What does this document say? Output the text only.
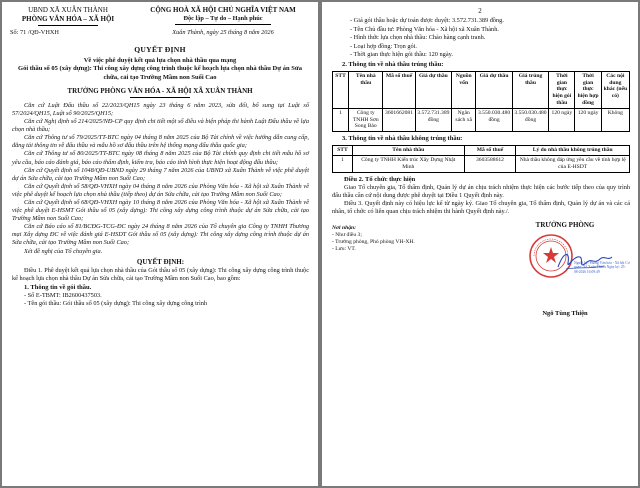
UBND XÃ XUÂN THÀNH
PHÒNG VĂN HÓA – XÃ HỘI
CỘNG HOÀ XÃ HỘI CHỦ NGHĨA VIỆT NAM
Độc lập – Tự do – Hạnh phúc
Số: 71 /QĐ-VHXH	Xuân Thành, ngày 25 tháng 8 năm 2026
QUYẾT ĐỊNH
Về việc phê duyệt kết quả lựa chọn nhà thầu qua mạng
Gói thầu số 05 (xây dựng): Thi công xây dựng công trình thuộc kế hoạch lựa chọn nhà thầu Dự án Sửa chữa, cải tạo Trường Mầm non Suối Cao
TRƯỞNG PHÒNG VĂN HÓA - XÃ HỘI XÃ XUÂN THÀNH

Căn cứ Luật Đấu thầu số 22/2023/QH15 ngày 23 tháng 6 năm 2023, sửa đổi, bổ sung tại Luật số 57/2024/QH15, Luật số 90/2025/QH15;

Căn cứ Nghị định số 214/2025/NĐ-CP quy định chi tiết một số điều và biện pháp thi hành Luật Đấu thầu về lựa chọn nhà thầu;

Căn cứ Thông tư số 79/2025/TT-BTC ngày 04 tháng 8 năm 2025 của Bộ Tài chính về việc hướng dẫn cung cấp, đăng tải thông tin về đấu thầu và mẫu hồ sơ đấu thầu trên hệ thống mạng đấu thầu quốc gia;

Căn cứ Thông tư số 80/2025/TT-BTC ngày 08 tháng 8 năm 2025 của Bộ Tài chính quy định chi tiết mẫu hồ sơ yêu cầu, báo cáo đánh giá, báo cáo thẩm định, kiểm tra, báo cáo tình hình thực hiện hoạt động đấu thầu;

Căn cứ Quyết định số 1048/QĐ-UBND ngày 29 tháng 7 năm 2026 của UBND xã Xuân Thành về việc phê duyệt dự án Sửa chữa, cải tạo Trường Mầm non Suối Cao;

Căn cứ Quyết định số 58/QĐ-VHXH ngày 04 tháng 8 năm 2026 của Phòng Văn hóa - Xã hội xã Xuân Thành về việc phê duyệt kế hoạch lựa chọn nhà thầu (tiếp theo) dự án Sửa chữa, cải tạo Trường Mầm non Suối Cao;

Căn cứ Quyết định số 68/QĐ-VHXH ngày 10 tháng 8 năm 2026 của Phòng Văn hóa - Xã hội xã Xuân Thành về việc phê duyệt E-HSMT Gói thầu số 05 (xây dựng): Thi công xây dựng công trình thuộc dự án Sửa chữa, cải tạo Trường Mầm non Suối Cao;

Căn cứ Báo cáo số 81/BCĐG-TCG-ĐC ngày 24 tháng 8 năm 2026 của Tổ chuyên gia Công ty TNHH Thương mại Xây dựng ĐC về việc đánh giá E-HSDT Gói thầu số 05 (xây dựng): Thi công xây dựng công trình thuộc dự án Sửa chữa, cải tạo Trường Mầm non Suối Cao;

Xét đề nghị của Tổ chuyên gia.

QUYẾT ĐỊNH:

Điều 1. Phê duyệt kết quả lựa chọn nhà thầu của Gói thầu số 05 (xây dựng): Thi công xây dựng công trình thuộc kế hoạch lựa chọn nhà thầu Dự án Sửa chữa, cải tạo Trường Mầm non Suối Cao, bao gồm:

1. Thông tin về gói thầu.
- Số E-TBMT: IB2600437503.
- Tên gói thầu: Gói thầu số 05 (xây dựng): Thi công xây dựng công trình
2
- Giá gói thầu hoặc dự toán được duyệt: 3.572.731.389 đồng.
- Tên Chủ đầu tư: Phòng Văn hóa - Xã hội xã Xuân Thành.
- Hình thức lựa chọn nhà thầu: Chào hàng cạnh tranh.
- Loại hợp đồng: Trọn gói.
- Thời gian thực hiện gói thầu: 120 ngày.
2. Thông tin về nhà thầu trúng thầu:
STT	Tên nhà thầu	Mã số thuế	Giá dự thầu	Nguồn vốn	Giá dự thầu	Giá trúng thầu	Thời gian thực hiện gói thầu	Thời gian thực hiện hợp đồng	Các nội dung khác (nếu có)
1	Công ty TNHH Sơn Song Bảo	3601662081	3.572.731.389 đồng	Ngân sách xã	3.550.030.480 đồng	3.550.030.480 đồng	120 ngày	120 ngày	Không
3. Thông tin về nhà thầu không trúng thầu:
STT	Tên nhà thầu	Mã số thuế	Lý do nhà thầu không trúng thầu
1	Công ty TNHH Kiến trúc Xây Dựng Nhật Minh	3603588612	Nhà thầu không đáp ứng yêu cầu về tính hợp lệ của E-HSDT
Điều 2. Tổ chức thực hiện

Giao Tổ chuyên gia, Tổ thẩm định, Quản lý dự án chịu trách nhiệm thực hiện các bước tiếp theo của quy trình đấu thầu cần cứ nội dung được phê duyệt tại Điều 1 Quyết định này.

Điều 3. Quyết định này có hiệu lực kể từ ngày ký. Giao Tổ chuyên gia, Tổ thẩm định, Quản lý dự án và các cá nhân, tổ chức có liên quan chịu trách nhiệm thi hành Quyết định này./.

Nơi nhận:
- Như điều 3;
- Trưởng phòng, Phó phòng VH-XH.
- Lưu: VT.
TRƯỞNG PHÒNG
Người ký: Phòng Văn hóa - Xã hội Cơ quan: Xã Xuân Thành Ngày ký: 25-08-2026 16:09:49
Ngô Tùng Thiện
